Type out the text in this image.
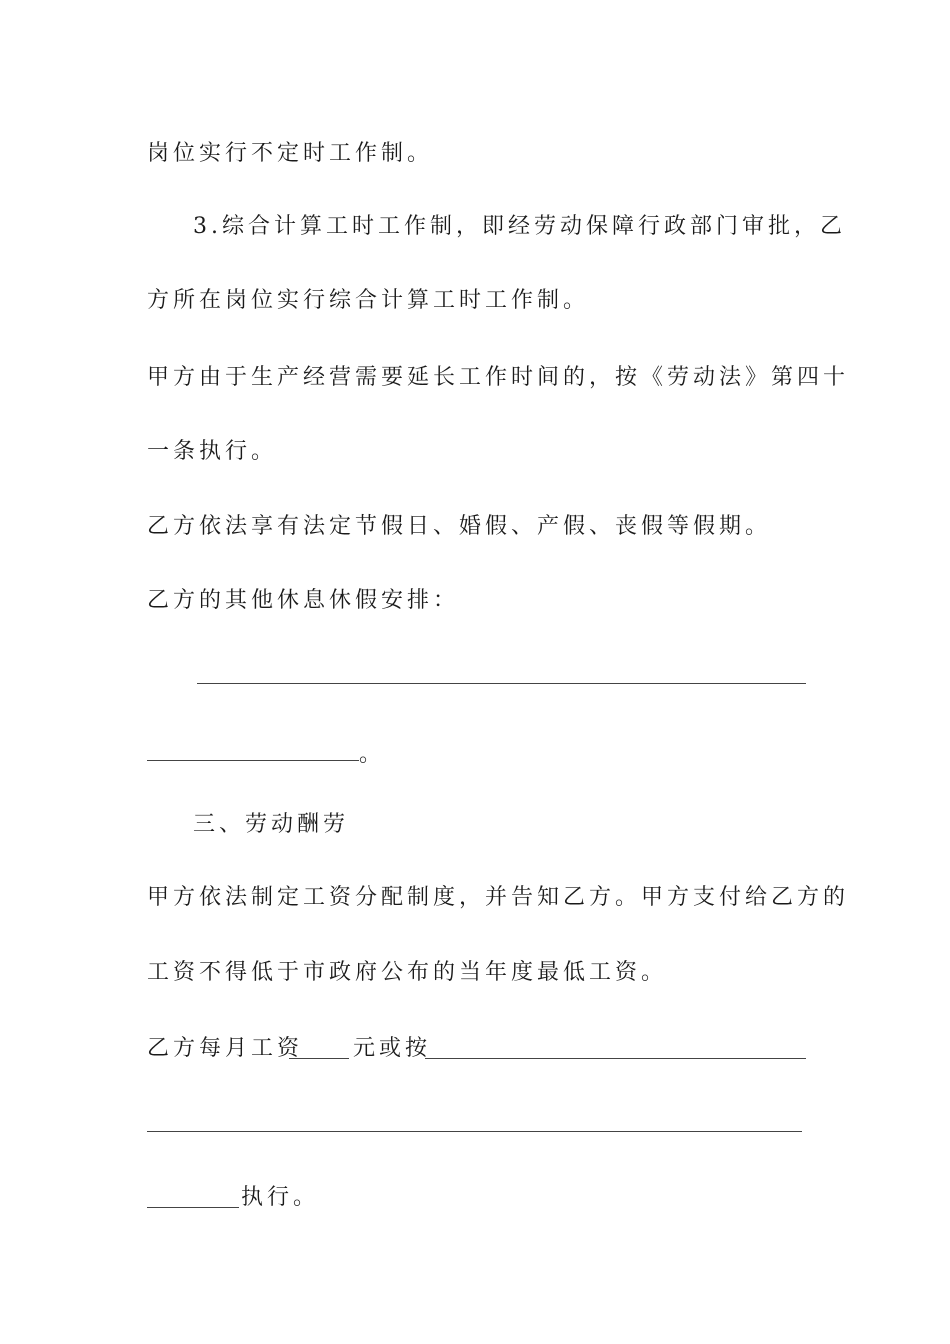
岗位实行不定时工作制。
3.综合计算工时工作制，即经劳动保障行政部门审批，乙
方所在岗位实行综合计算工时工作制。
甲方由于生产经营需要延长工作时间的，按《劳动法》第四十
一条执行。
乙方依法享有法定节假日、婚假、产假、丧假等假期。
乙方的其他休息休假安排：
。
三、劳动酬劳
甲方依法制定工资分配制度，并告知乙方。甲方支付给乙方的
工资不得低于市政府公布的当年度最低工资。
乙方每月工资 元或按
执行。
